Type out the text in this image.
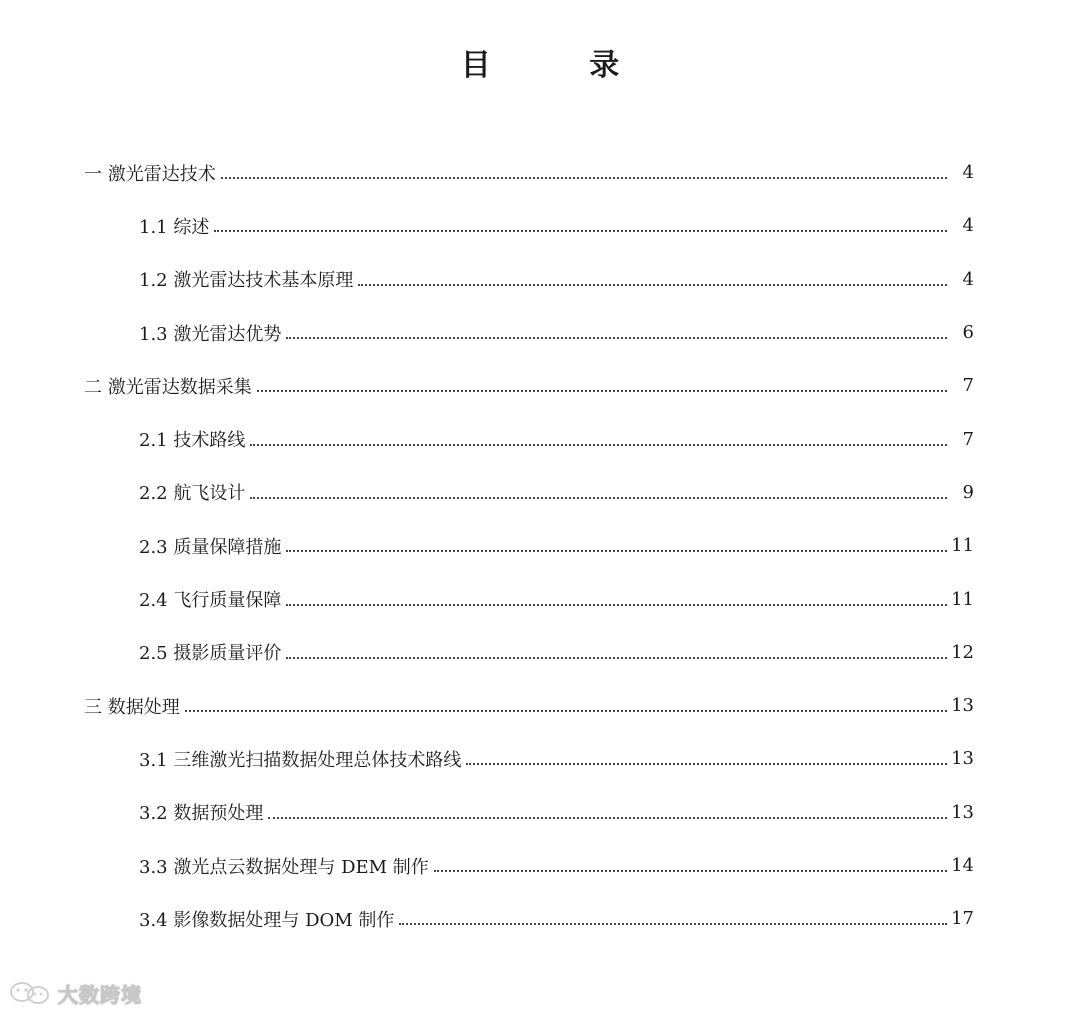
目 录
一 激光雷达技术	4
1.1 综述	4
1.2 激光雷达技术基本原理	4
1.3 激光雷达优势	6
二 激光雷达数据采集	7
2.1 技术路线	7
2.2 航飞设计	9
2.3 质量保障措施	11
2.4 飞行质量保障	11
2.5 摄影质量评价	12
三 数据处理	13
3.1 三维激光扫描数据处理总体技术路线	13
3.2 数据预处理	13
3.3 激光点云数据处理与 DEM 制作	14
3.4 影像数据处理与 DOM 制作	17
大数跨境
